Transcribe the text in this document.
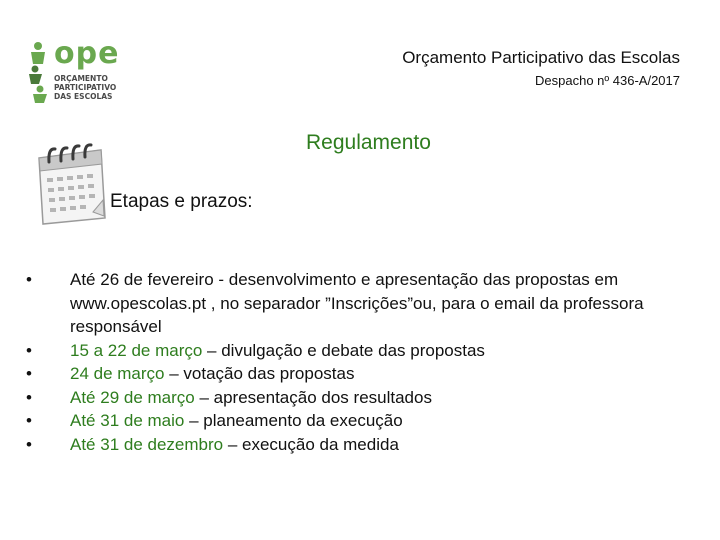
ope
ORÇAMENTO
PARTICIPATIVO
DAS ESCOLAS
Orçamento Participativo das Escolas
Despacho nº 436-A/2017
Regulamento
Etapas e prazos:
• Até 26 de fevereiro - desenvolvimento e apresentação das propostas em www.opescolas.pt , no separador ”Inscrições”ou, para o email da professora responsável
• 15 a 22 de março – divulgação e debate das propostas
• 24 de março – votação das propostas
• Até 29 de março – apresentação dos resultados
• Até 31 de maio – planeamento da execução
• Até 31 de dezembro – execução da medida
